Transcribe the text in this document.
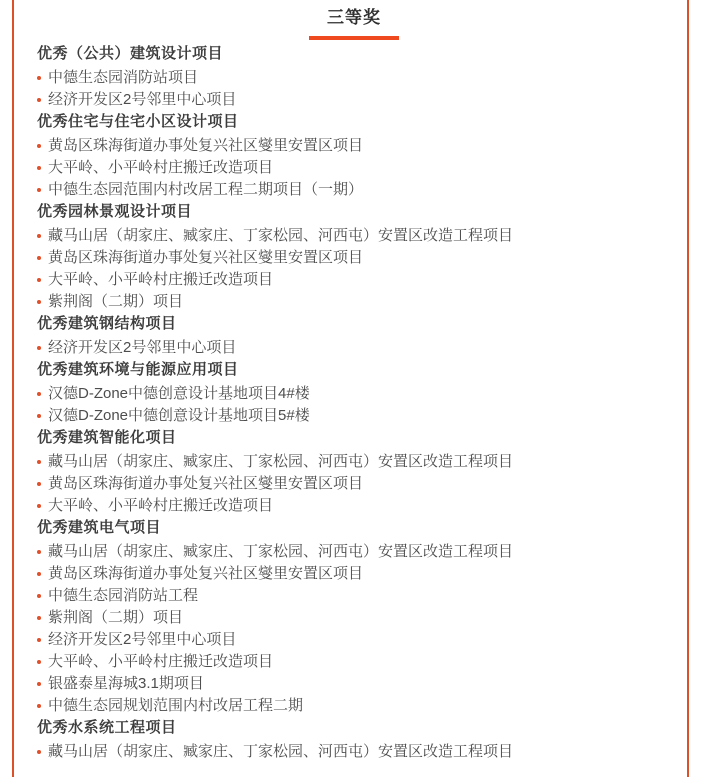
三等奖
优秀（公共）建筑设计项目
中德生态园消防站项目
经济开发区2号邻里中心项目
优秀住宅与住宅小区设计项目
黄岛区珠海街道办事处复兴社区燮里安置区项目
大平岭、小平岭村庄搬迁改造项目
中德生态园范围内村改居工程二期项目（一期）
优秀园林景观设计项目
藏马山居（胡家庄、臧家庄、丁家松园、河西屯）安置区改造工程项目
黄岛区珠海街道办事处复兴社区燮里安置区项目
大平岭、小平岭村庄搬迁改造项目
紫荆阁（二期）项目
优秀建筑钢结构项目
经济开发区2号邻里中心项目
优秀建筑环境与能源应用项目
汉德D-Zone中德创意设计基地项目4#楼
汉德D-Zone中德创意设计基地项目5#楼
优秀建筑智能化项目
藏马山居（胡家庄、臧家庄、丁家松园、河西屯）安置区改造工程项目
黄岛区珠海街道办事处复兴社区燮里安置区项目
大平岭、小平岭村庄搬迁改造项目
优秀建筑电气项目
藏马山居（胡家庄、臧家庄、丁家松园、河西屯）安置区改造工程项目
黄岛区珠海街道办事处复兴社区燮里安置区项目
中德生态园消防站工程
紫荆阁（二期）项目
经济开发区2号邻里中心项目
大平岭、小平岭村庄搬迁改造项目
银盛泰星海城3.1期项目
中德生态园规划范围内村改居工程二期
优秀水系统工程项目
藏马山居（胡家庄、臧家庄、丁家松园、河西屯）安置区改造工程项目
